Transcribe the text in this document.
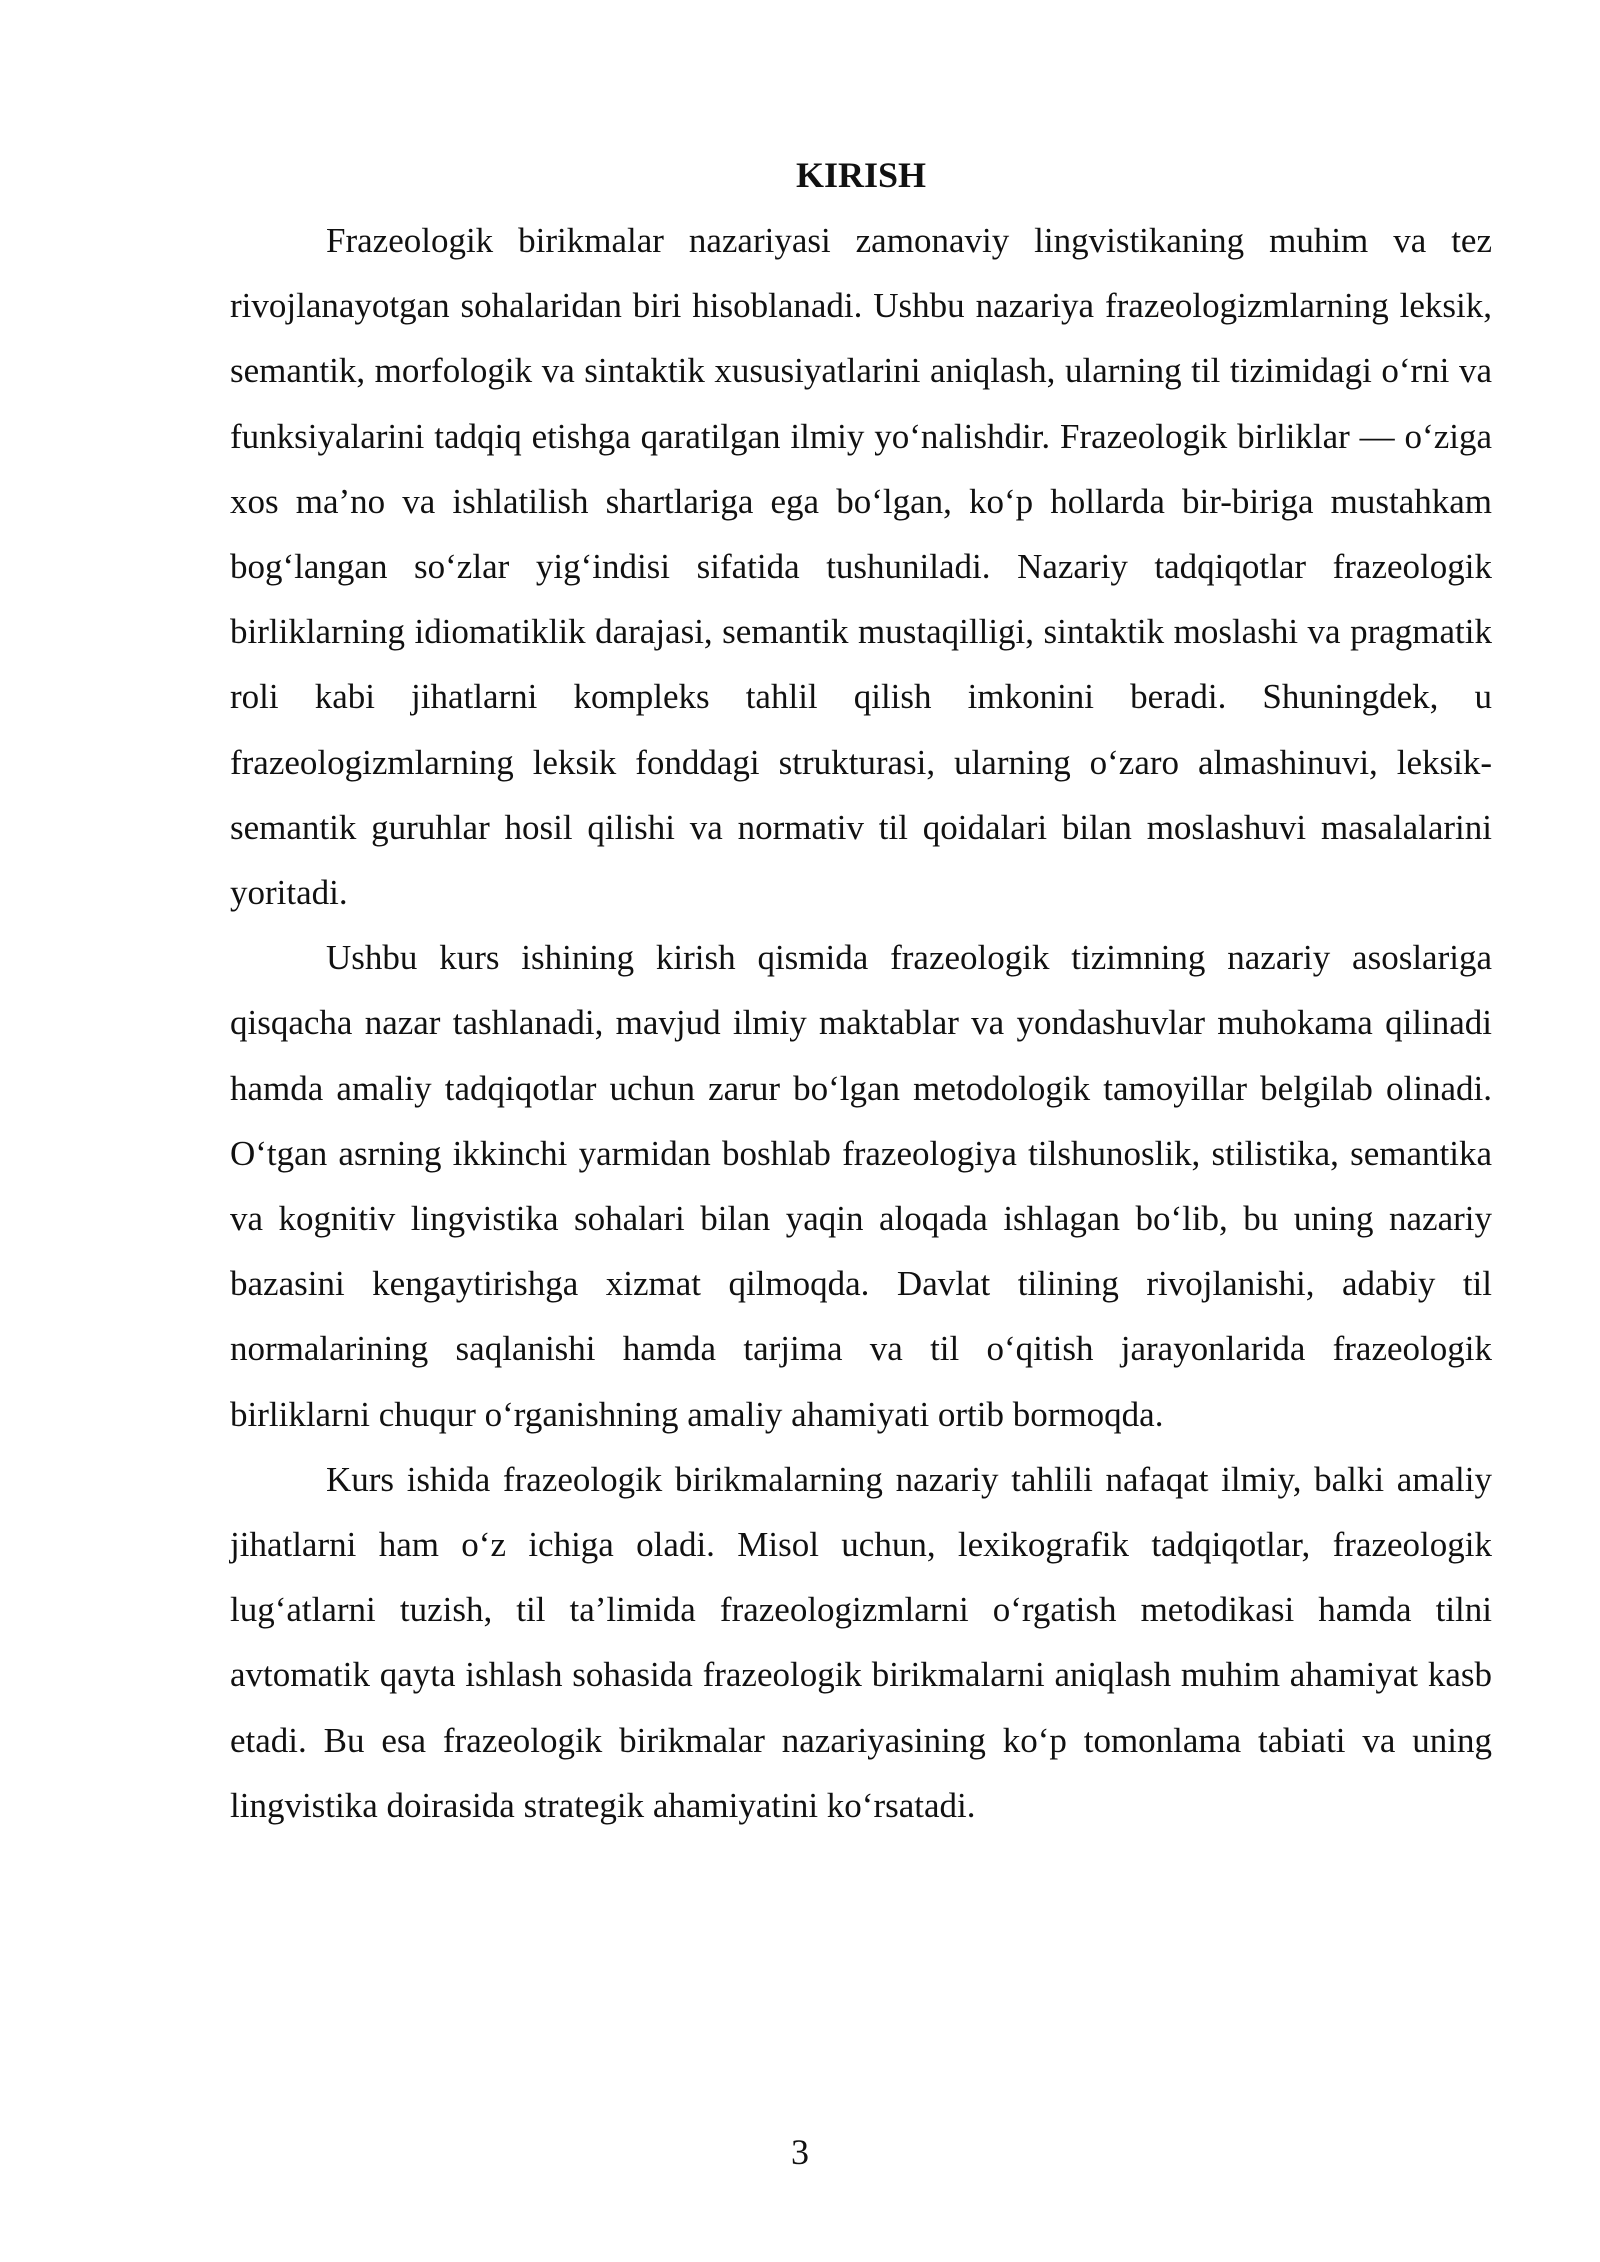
KIRISH

Frazeologik birikmalar nazariyasi zamonaviy lingvistikaning muhim va tez rivojlanayotgan sohalaridan biri hisoblanadi. Ushbu nazariya frazeologizmlarning leksik, semantik, morfologik va sintaktik xususiyatlarini aniqlash, ularning til tizimidagi o‘rni va funksiyalarini tadqiq etishga qaratilgan ilmiy yo‘nalishdir. Frazeologik birliklar — o‘ziga xos ma’no va ishlatilish shartlariga ega bo‘lgan, ko‘p hollarda bir-biriga mustahkam bog‘langan so‘zlar yig‘indisi sifatida tushuniladi. Nazariy tadqiqotlar frazeologik birliklarning idiomatiklik darajasi, semantik mustaqilligi, sintaktik moslashi va pragmatik roli kabi jihatlarni kompleks tahlil qilish imkonini beradi. Shuningdek, u frazeologizmlarning leksik fonddagi strukturasi, ularning o‘zaro almashinuvi, leksik-semantik guruhlar hosil qilishi va normativ til qoidalari bilan moslashuvi masalalarini yoritadi.

Ushbu kurs ishining kirish qismida frazeologik tizimning nazariy asoslariga qisqacha nazar tashlanadi, mavjud ilmiy maktablar va yondashuvlar muhokama qilinadi hamda amaliy tadqiqotlar uchun zarur bo‘lgan metodologik tamoyillar belgilab olinadi. O‘tgan asrning ikkinchi yarmidan boshlab frazeologiya tilshunoslik, stilistika, semantika va kognitiv lingvistika sohalari bilan yaqin aloqada ishlagan bo‘lib, bu uning nazariy bazasini kengaytirishga xizmat qilmoqda. Davlat tilining rivojlanishi, adabiy til normalarining saqlanishi hamda tarjima va til o‘qitish jarayonlarida frazeologik birliklarni chuqur o‘rganishning amaliy ahamiyati ortib bormoqda.

Kurs ishida frazeologik birikmalarning nazariy tahlili nafaqat ilmiy, balki amaliy jihatlarni ham o‘z ichiga oladi. Misol uchun, lexikografik tadqiqotlar, frazeologik lug‘atlarni tuzish, til ta’limida frazeologizmlarni o‘rgatish metodikasi hamda tilni avtomatik qayta ishlash sohasida frazeologik birikmalarni aniqlash muhim ahamiyat kasb etadi. Bu esa frazeologik birikmalar nazariyasining ko‘p tomonlama tabiati va uning lingvistika doirasida strategik ahamiyatini ko‘rsatadi.

3
